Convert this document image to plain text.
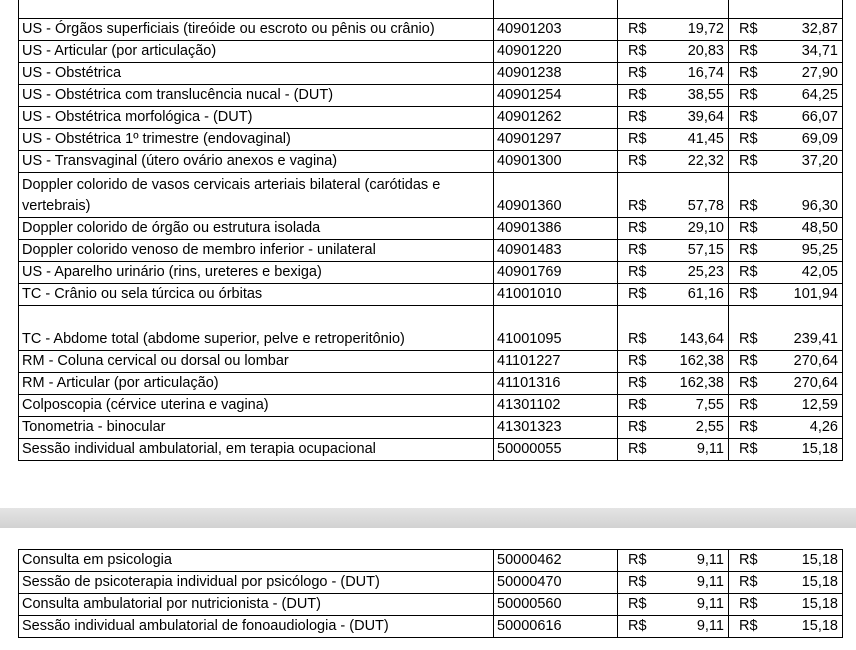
US - Órgãos superficiais (tireóide ou escroto ou pênis ou crânio)	40901203	R$	19,72	R$	32,87
US - Articular (por articulação)	40901220	R$	20,83	R$	34,71
US - Obstétrica	40901238	R$	16,74	R$	27,90
US - Obstétrica com translucência nucal - (DUT)	40901254	R$	38,55	R$	64,25
US - Obstétrica morfológica - (DUT)	40901262	R$	39,64	R$	66,07
US - Obstétrica 1º trimestre (endovaginal)	40901297	R$	41,45	R$	69,09
US - Transvaginal (útero ovário anexos e vagina)	40901300	R$	22,32	R$	37,20
Doppler colorido de vasos cervicais arteriais bilateral (carótidas e vertebrais)	40901360	R$	57,78	R$	96,30
Doppler colorido de órgão ou estrutura isolada	40901386	R$	29,10	R$	48,50
Doppler colorido venoso de membro inferior - unilateral	40901483	R$	57,15	R$	95,25
US - Aparelho urinário (rins, ureteres e bexiga)	40901769	R$	25,23	R$	42,05
TC - Crânio ou sela túrcica ou órbitas	41001010	R$	61,16	R$	101,94
TC - Abdome total (abdome superior, pelve e retroperitônio)	41001095	R$	143,64	R$	239,41
RM - Coluna cervical ou dorsal ou lombar	41101227	R$	162,38	R$	270,64
RM - Articular (por articulação)	41101316	R$	162,38	R$	270,64
Colposcopia (cérvice uterina e vagina)	41301102	R$	7,55	R$	12,59
Tonometria - binocular	41301323	R$	2,55	R$	4,26
Sessão individual ambulatorial, em terapia ocupacional	50000055	R$	9,11	R$	15,18
Consulta em psicologia	50000462	R$	9,11	R$	15,18
Sessão de psicoterapia individual por psicólogo - (DUT)	50000470	R$	9,11	R$	15,18
Consulta ambulatorial por nutricionista - (DUT)	50000560	R$	9,11	R$	15,18
Sessão individual ambulatorial de fonoaudiologia - (DUT)	50000616	R$	9,11	R$	15,18
